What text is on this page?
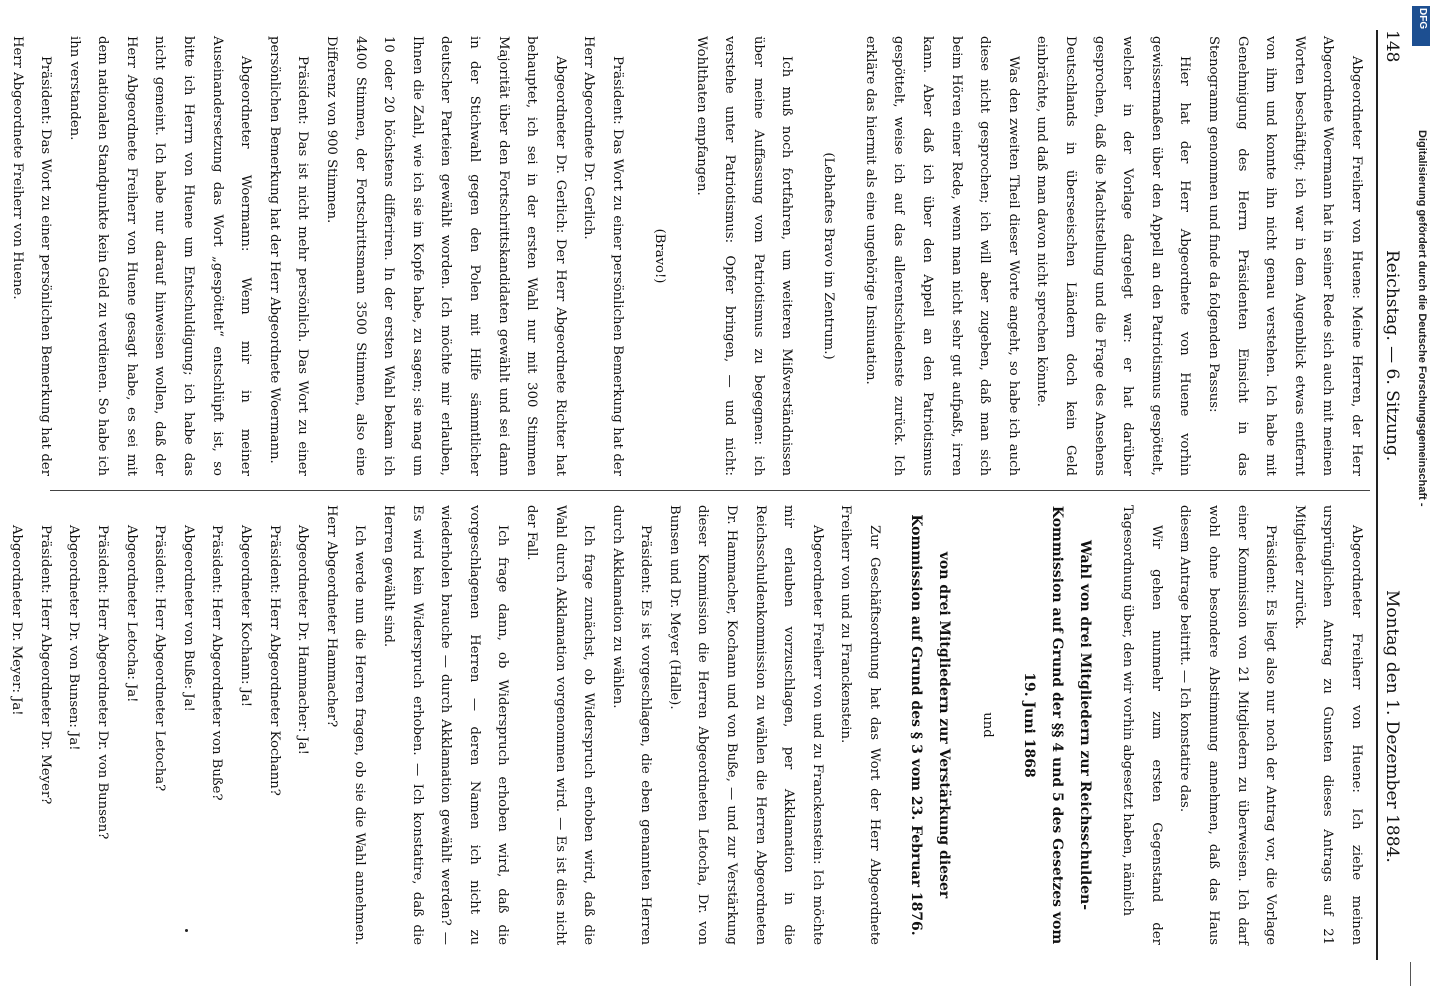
148
Reichstag. — 6. Sitzung.
Montag den 1. Dezember 1884.

Abgeordneter Freiherr von Huene: Meine Herren, der Herr Abgeordnete Woermann hat in seiner Rede sich auch mit meinen Worten beschäftigt; ich war in dem Augenblick etwas entfernt von ihm und konnte ihn nicht genau verstehen. Ich habe mit Genehmigung des Herrn Präsidenten Einsicht in das Stenogramm genommen und finde da folgenden Passus:

Hier hat der Herr Abgeordnete von Huene vorhin gewissermaßen über den Appell an den Patriotismus gespöttelt, welcher in der Vorlage dargelegt war: er hat darüber gesprochen, daß die Machtstellung und die Frage des Ansehens Deutschlands in überseeischen Ländern doch kein Geld einbrächte, und daß man davon nicht sprechen könnte.

Was den zweiten Theil dieser Worte angeht, so habe ich auch diese nicht gesprochen; ich will aber zugeben, daß man sich beim Hören einer Rede, wenn man nicht sehr gut aufpaßt, irren kann. Aber daß ich über den Appell an den Patriotismus gespöttelt, weise ich auf das allerentschiedenste zurück. Ich erkläre das hiermit als eine ungehörige Insinuation.

(Lebhaftes Bravo im Zentrum.)

Ich muß noch fortfahren, um weiteren Mißverständnissen über meine Auffassung vom Patriotismus zu begegnen: ich verstehe unter Patriotismus: Opfer bringen, — und nicht: Wohlthaten empfangen.

(Bravo!)

Präsident: Das Wort zu einer persönlichen Bemerkung hat der Herr Abgeordnete Dr. Gerlich.

Abgeordneter Dr. Gerlich: Der Herr Abgeordnete Richter hat behauptet, ich sei in der ersten Wahl nur mit 300 Stimmen Majorität über den Fortschrittskandidaten gewählt und sei dann in der Stichwahl gegen den Polen mit Hilfe sämmtlicher deutscher Parteien gewählt worden. Ich möchte mir erlauben, Ihnen die Zahl, wie ich sie im Kopfe habe, zu sagen; sie mag um 10 oder 20 höchstens differiren. In der ersten Wahl bekam ich 4400 Stimmen, der Fortschrittsmann 3500 Stimmen, also eine Differenz von 900 Stimmen.

Präsident: Das ist nicht mehr persönlich. Das Wort zu einer persönlichen Bemerkung hat der Herr Abgeordnete Woermann.

Abgeordneter Woermann: Wenn mir in meiner Auseinandersetzung das Wort „gespöttelt“ entschlüpft ist, so bitte ich Herrn von Huene um Entschuldigung; ich habe das nicht gemeint. Ich habe nur darauf hinweisen wollen, daß der Herr Abgeordnete Freiherr von Huene gesagt habe, es sei mit dem nationalen Standpunkte kein Geld zu verdienen. So habe ich ihn verstanden.

Präsident: Das Wort zu einer persönlichen Bemerkung hat der Herr Abgeordnete Freiherr von Huene.

Abgeordneter Freiherr von Huene: Ich ziehe meinen ursprünglichen Antrag zu Gunsten dieses Antrags auf 21 Mitglieder zurück.

Präsident: Es liegt also nur noch der Antrag vor, die Vorlage einer Kommission von 21 Mitgliedern zu überweisen. Ich darf wohl ohne besondere Abstimmung annehmen, daß das Haus diesem Antrage beitritt. — Ich konstatire das.

Wir gehen nunmehr zum ersten Gegenstand der Tagesordnung über, den wir vorhin abgesetzt haben, nämlich

Wahl von drei Mitgliedern zur Reichsschulden-Kommission auf Grund der §§ 4 und 5 des Gesetzes vom 19. Juni 1868

und

von drei Mitgliedern zur Verstärkung dieser Kommission auf Grund des § 3 vom 23. Februar 1876.

Zur Geschäftsordnung hat das Wort der Herr Abgeordnete Freiherr von und zu Franckenstein.

Abgeordneter Freiherr von und zu Franckenstein: Ich möchte mir erlauben vorzuschlagen, per Akklamation in die Reichsschuldenkommission zu wählen die Herren Abgeordneten Dr. Hammacher, Kochann und von Buße, — und zur Verstärkung dieser Kommission die Herren Abgeordneten Letocha, Dr. von Bunsen und Dr. Meyer (Halle).

Präsident: Es ist vorgeschlagen, die eben genannten Herren durch Akklamation zu wählen.

Ich frage zunächst, ob Widerspruch erhoben wird, daß die Wahl durch Akklamation vorgenommen wird. — Es ist dies nicht der Fall.

Ich frage dann, ob Widerspruch erhoben wird, daß die vorgeschlagenen Herren — deren Namen ich nicht zu wiederholen brauche — durch Akklamation gewählt werden? — Es wird kein Widerspruch erhoben. — Ich konstatire, daß die Herren gewählt sind.

Ich werde nun die Herren fragen, ob sie die Wahl annehmen. Herr Abgeordneter Hammacher?

Abgeordneter Dr. Hammacher: Ja!

Präsident: Herr Abgeordneter Kochann?

Abgeordneter Kochann: Ja!

Präsident: Herr Abgeordneter von Buße?

Abgeordneter von Buße: Ja!

Präsident: Herr Abgeordneter Letocha?

Abgeordneter Letocha: Ja!

Präsident: Herr Abgeordneter Dr. von Bunsen?

Abgeordneter Dr. von Bunsen: Ja!

Präsident: Herr Abgeordneter Dr. Meyer?

Abgeordneter Dr. Meyer: Ja!

Digitalisierung gefördert durch die Deutsche Forschungsgemeinschaft -
DFG
